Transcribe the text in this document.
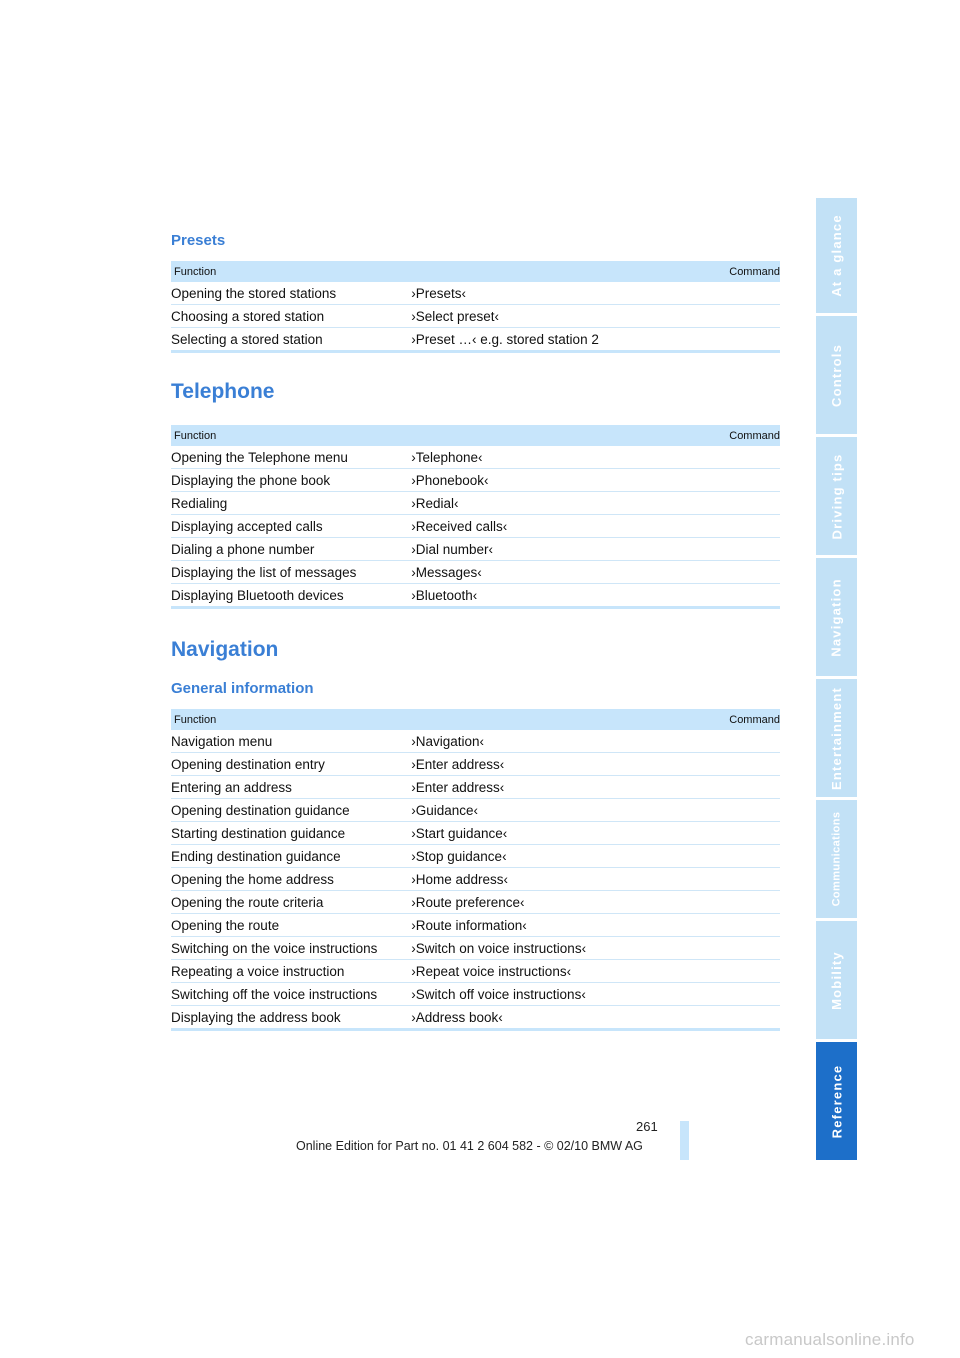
Presets
Function	Command
Opening the stored stations	›Presets‹
Choosing a stored station	›Select preset‹
Selecting a stored station	›Preset …‹ e.g. stored station 2
Telephone
Function	Command
Opening the Telephone menu	›Telephone‹
Displaying the phone book	›Phonebook‹
Redialing	›Redial‹
Displaying accepted calls	›Received calls‹
Dialing a phone number	›Dial number‹
Displaying the list of messages	›Messages‹
Displaying Bluetooth devices	›Bluetooth‹
Navigation
General information
Function	Command
Navigation menu	›Navigation‹
Opening destination entry	›Enter address‹
Entering an address	›Enter address‹
Opening destination guidance	›Guidance‹
Starting destination guidance	›Start guidance‹
Ending destination guidance	›Stop guidance‹
Opening the home address	›Home address‹
Opening the route criteria	›Route preference‹
Opening the route	›Route information‹
Switching on the voice instructions	›Switch on voice instructions‹
Repeating a voice instruction	›Repeat voice instructions‹
Switching off the voice instructions	›Switch off voice instructions‹
Displaying the address book	›Address book‹
At a glance
Controls
Driving tips
Navigation
Entertainment
Communications
Mobility
Reference
261
Online Edition for Part no. 01 41 2 604 582 - © 02/10 BMW AG
carmanualsonline.info
